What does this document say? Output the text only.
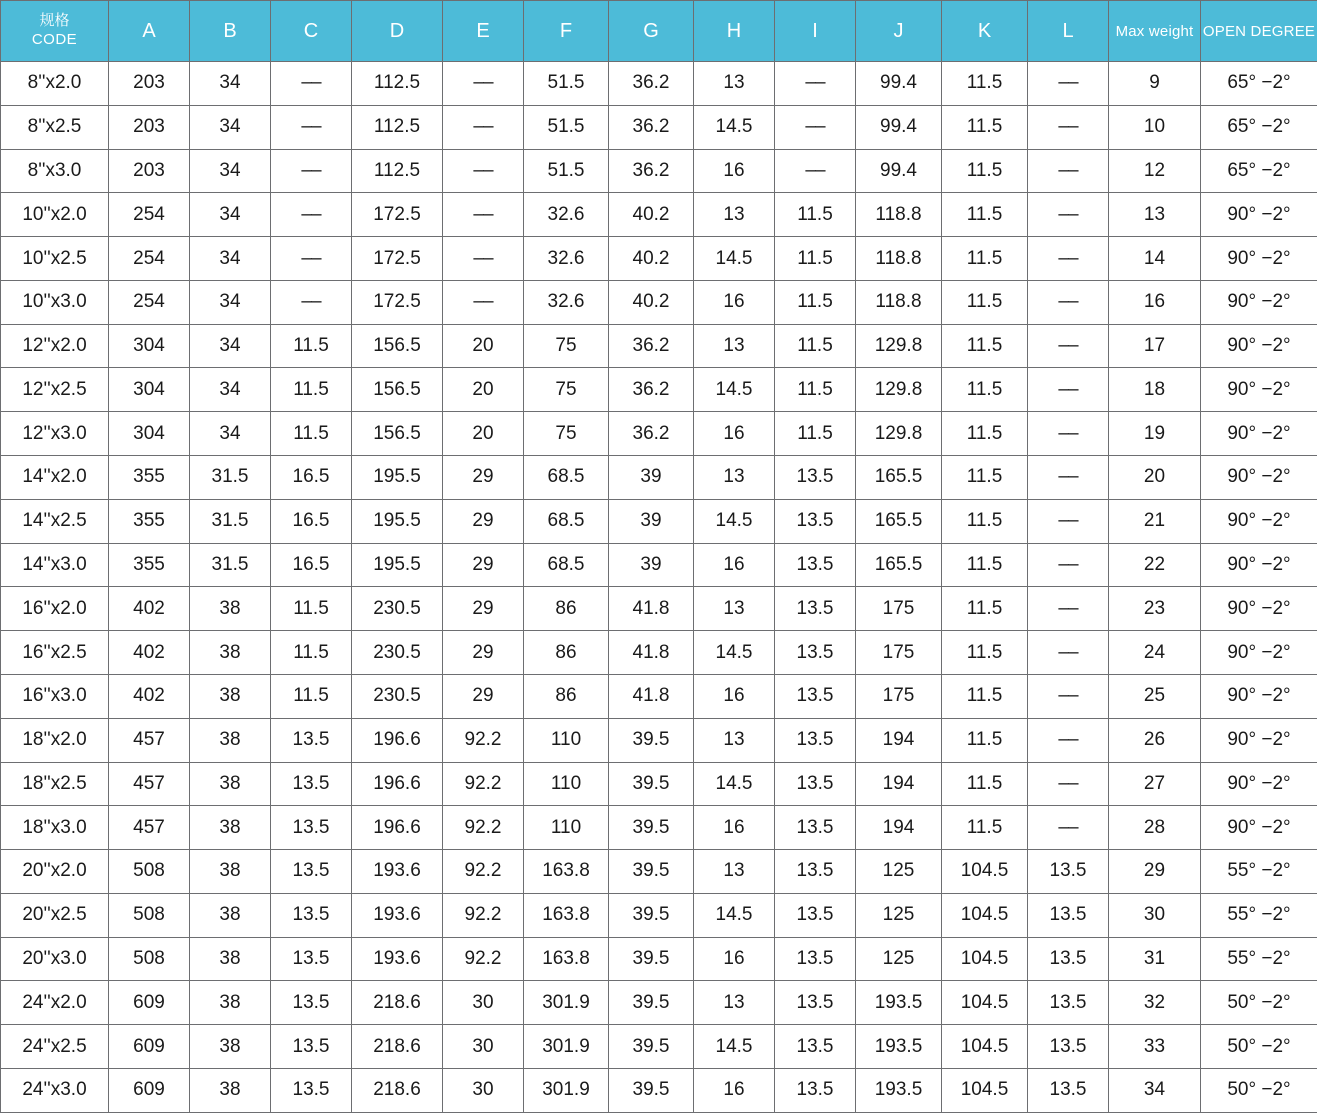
规格
CODE	A	B	C	D	E	F	G	H	I	J	K	L	Max weight	OPEN DEGREE
8''x2.0	203	34	––	112.5	––	51.5	36.2	13	––	99.4	11.5	––	9	65° −2°
8''x2.5	203	34	––	112.5	––	51.5	36.2	14.5	––	99.4	11.5	––	10	65° −2°
8''x3.0	203	34	––	112.5	––	51.5	36.2	16	––	99.4	11.5	––	12	65° −2°
10''x2.0	254	34	––	172.5	––	32.6	40.2	13	11.5	118.8	11.5	––	13	90° −2°
10''x2.5	254	34	––	172.5	––	32.6	40.2	14.5	11.5	118.8	11.5	––	14	90° −2°
10''x3.0	254	34	––	172.5	––	32.6	40.2	16	11.5	118.8	11.5	––	16	90° −2°
12''x2.0	304	34	11.5	156.5	20	75	36.2	13	11.5	129.8	11.5	––	17	90° −2°
12''x2.5	304	34	11.5	156.5	20	75	36.2	14.5	11.5	129.8	11.5	––	18	90° −2°
12''x3.0	304	34	11.5	156.5	20	75	36.2	16	11.5	129.8	11.5	––	19	90° −2°
14''x2.0	355	31.5	16.5	195.5	29	68.5	39	13	13.5	165.5	11.5	––	20	90° −2°
14''x2.5	355	31.5	16.5	195.5	29	68.5	39	14.5	13.5	165.5	11.5	––	21	90° −2°
14''x3.0	355	31.5	16.5	195.5	29	68.5	39	16	13.5	165.5	11.5	––	22	90° −2°
16''x2.0	402	38	11.5	230.5	29	86	41.8	13	13.5	175	11.5	––	23	90° −2°
16''x2.5	402	38	11.5	230.5	29	86	41.8	14.5	13.5	175	11.5	––	24	90° −2°
16''x3.0	402	38	11.5	230.5	29	86	41.8	16	13.5	175	11.5	––	25	90° −2°
18''x2.0	457	38	13.5	196.6	92.2	110	39.5	13	13.5	194	11.5	––	26	90° −2°
18''x2.5	457	38	13.5	196.6	92.2	110	39.5	14.5	13.5	194	11.5	––	27	90° −2°
18''x3.0	457	38	13.5	196.6	92.2	110	39.5	16	13.5	194	11.5	––	28	90° −2°
20''x2.0	508	38	13.5	193.6	92.2	163.8	39.5	13	13.5	125	104.5	13.5	29	55° −2°
20''x2.5	508	38	13.5	193.6	92.2	163.8	39.5	14.5	13.5	125	104.5	13.5	30	55° −2°
20''x3.0	508	38	13.5	193.6	92.2	163.8	39.5	16	13.5	125	104.5	13.5	31	55° −2°
24''x2.0	609	38	13.5	218.6	30	301.9	39.5	13	13.5	193.5	104.5	13.5	32	50° −2°
24''x2.5	609	38	13.5	218.6	30	301.9	39.5	14.5	13.5	193.5	104.5	13.5	33	50° −2°
24''x3.0	609	38	13.5	218.6	30	301.9	39.5	16	13.5	193.5	104.5	13.5	34	50° −2°
